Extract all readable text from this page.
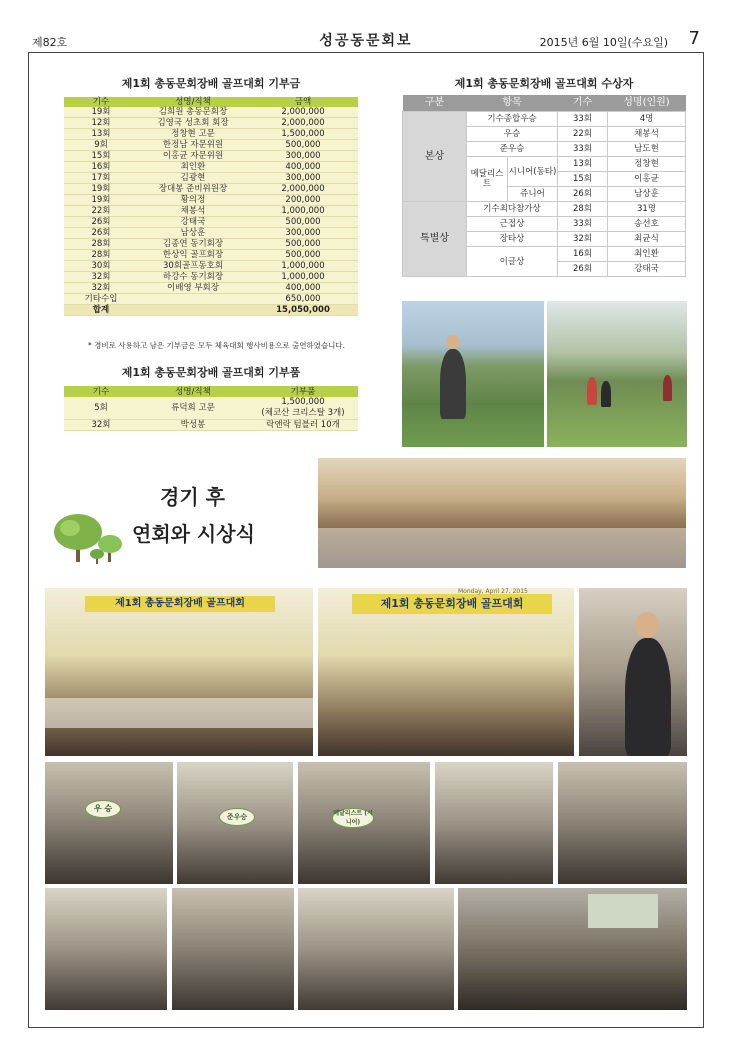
제82호	성공동문회보	2015년 6월 10일(수요일) 7
제1회 총동문회장배 골프대회 기부금
기수	성명/직책	금액
19회	김희원 총동문회장	2,000,000
12회	김영국 성초회 회장	2,000,000
13회	정창현 고문	1,500,000
9회	한정남 자문위원	500,000
15회	이홍균 자문위원	300,000
16회	최인환	400,000
17회	김광현	300,000
19회	장대봉 준비위원장	2,000,000
19회	황의정	200,000
22회	채봉석	1,000,000
26회	강태국	500,000
26회	남상훈	300,000
28회	김종연 동기회장	500,000
28회	한상익 골프회장	500,000
30회	30회골프동호회	1,000,000
32회	하강수 동기회장	1,000,000
32회	이배영 부회장	400,000
기타수입		650,000
합계		15,050,000
* 경비로 사용하고 남은 기부금은 모두 체육대회 행사비용으로 출연하였습니다.
제1회 총동문회장배 골프대회 기부품
기수	성명/직책	기부품
5회	류덕희 고문	1,500,000
(체코산 크리스탈 3개)

32회	박성봉	락앤락 텀블러 10개
제1회 총동문회장배 골프대회 수상자
구분	항목		기수	성명(인원)
본상	기수종합우승		33회	4명
	우승		22회	채봉석
	준우승		33회	남도현
	메달리스트	시니어(동타)	13회	정창현
			15회	이홍균
		쥬니어	26회	남상훈
특별상	기수최다참가상		28회	31명
	근접상		33회	송선호
	장타상		32회	최균식
	이글상		16회	최인환
			26회	강태국
경기 후
연회와 시상식
제1회 총동문회장배 골프대회	제1회 총동문회장배 골프대회
Monday, April 27, 2015
우 승
준우승	메달리스트 (시니어)
